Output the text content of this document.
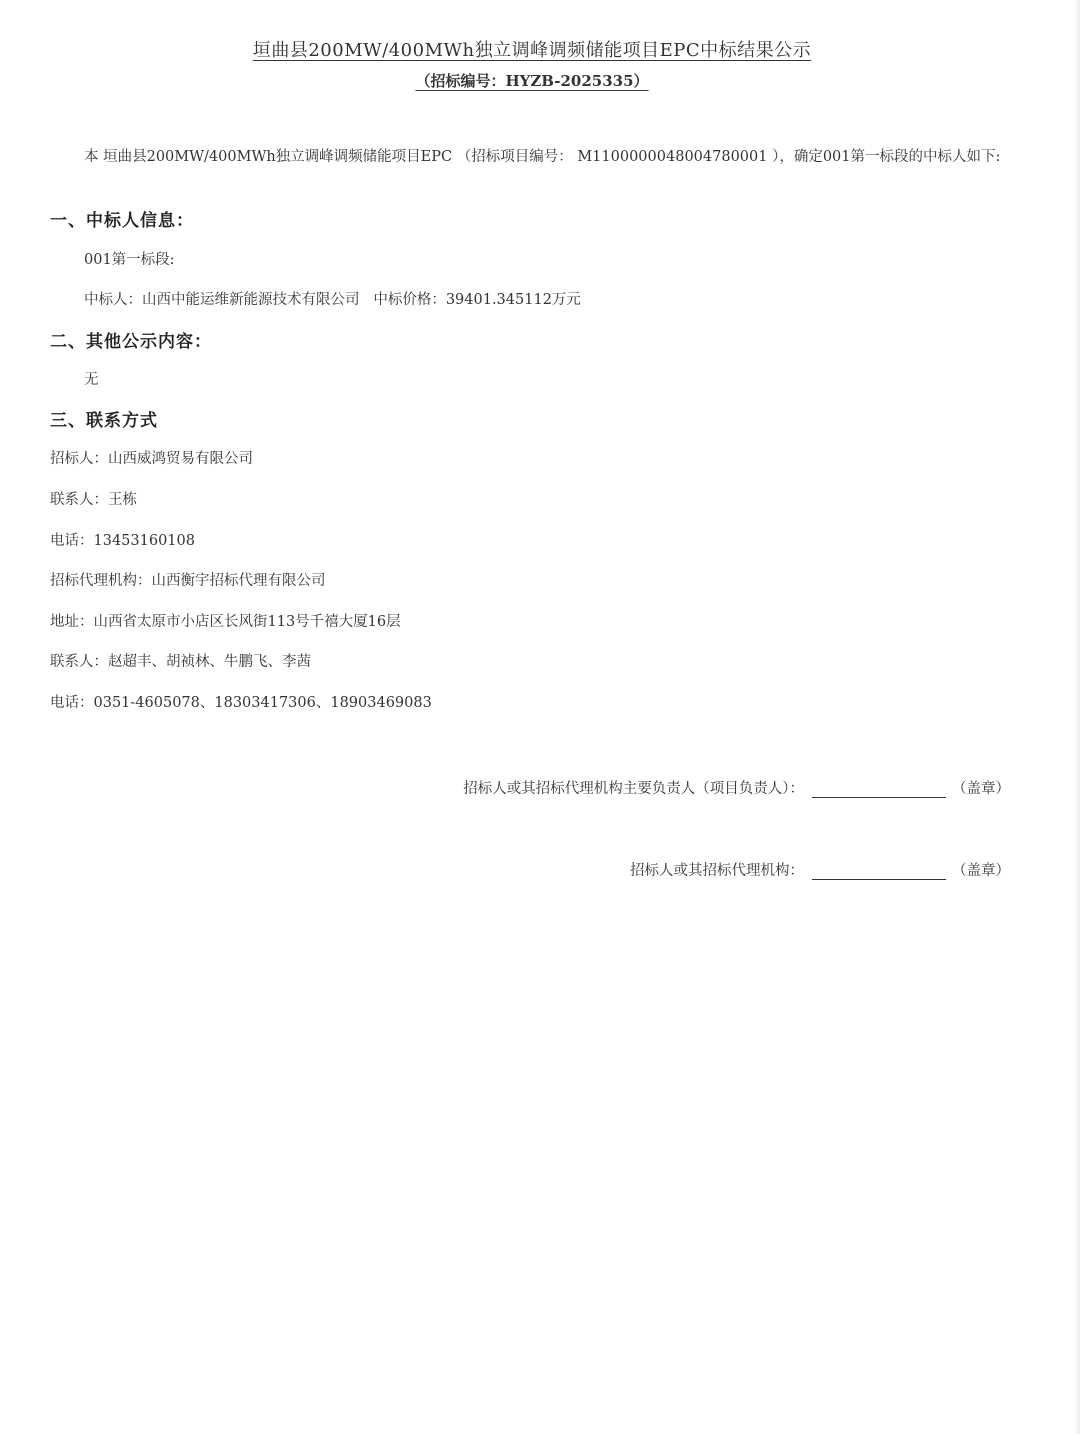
垣曲县200MW/400MWh独立调峰调频储能项目EPC中标结果公示
（招标编号：HYZB-2025335）
本 垣曲县200MW/400MWh独立调峰调频储能项目EPC （招标项目编号： M1100000048004780001 ），确定001第一标段的中标人如下:
一、中标人信息：
001第一标段:
中标人：山西中能运维新能源技术有限公司   中标价格：39401.345112万元
二、其他公示内容：
无
三、联系方式
招标人：山西威鸿贸易有限公司
联系人：王栋
电话：13453160108
招标代理机构：山西衡宇招标代理有限公司
地址：山西省太原市小店区长风街113号千禧大厦16层
联系人：赵超丰、胡祯林、牛鹏飞、李茜
电话：0351-4605078、18303417306、18903469083
招标人或其招标代理机构主要负责人（项目负责人）：	（盖章）
招标人或其招标代理机构：	（盖章）
